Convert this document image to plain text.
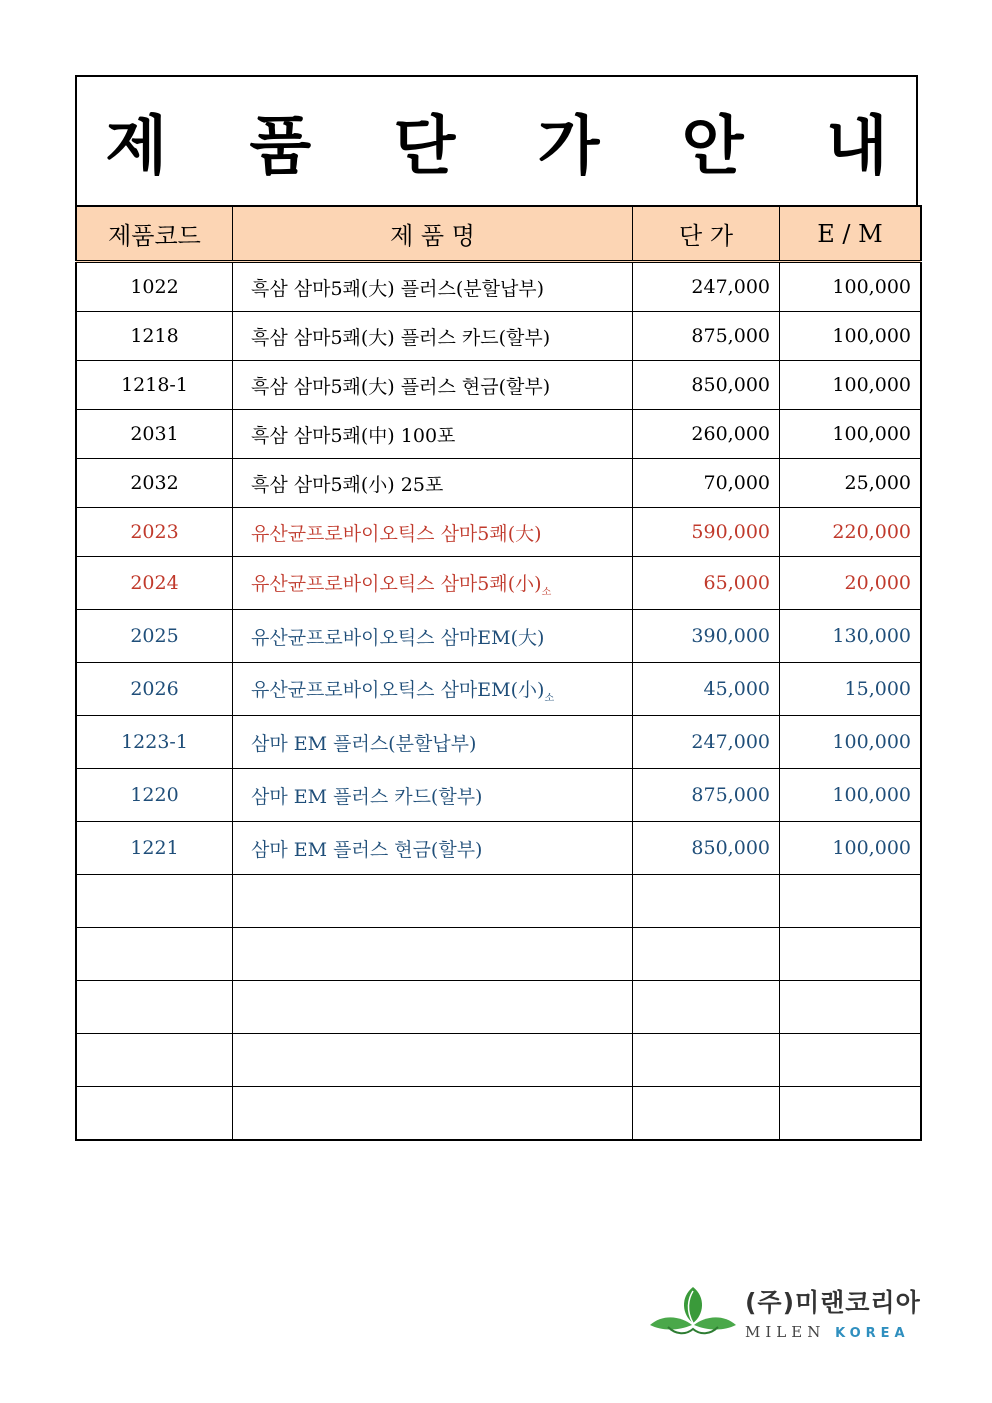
제 품 단 가 안 내
제품코드	제 품 명	단 가	E / M
1022	흑삼 삼마5쾌(大) 플러스(분할납부)	247,000	100,000
1218	흑삼 삼마5쾌(大) 플러스 카드(할부)	875,000	100,000
1218-1	흑삼 삼마5쾌(大) 플러스 현금(할부)	850,000	100,000
2031	흑삼 삼마5쾌(中) 100포	260,000	100,000
2032	흑삼 삼마5쾌(小) 25포	70,000	25,000
2023	유산균프로바이오틱스 삼마5쾌(大)	590,000	220,000
2024	유산균프로바이오틱스 삼마5쾌(小)$_소$	65,000	20,000
2025	유산균프로바이오틱스 삼마EM(大)	390,000	130,000
2026	유산균프로바이오틱스 삼마EM(小)$_소$	45,000	15,000
1223-1	삼마 EM 플러스(분할납부)	247,000	100,000
1220	삼마 EM 플러스 카드(할부)	875,000	100,000
1221	삼마 EM 플러스 현금(할부)	850,000	100,000

(주)미랜코리아
MILEN KOREA
